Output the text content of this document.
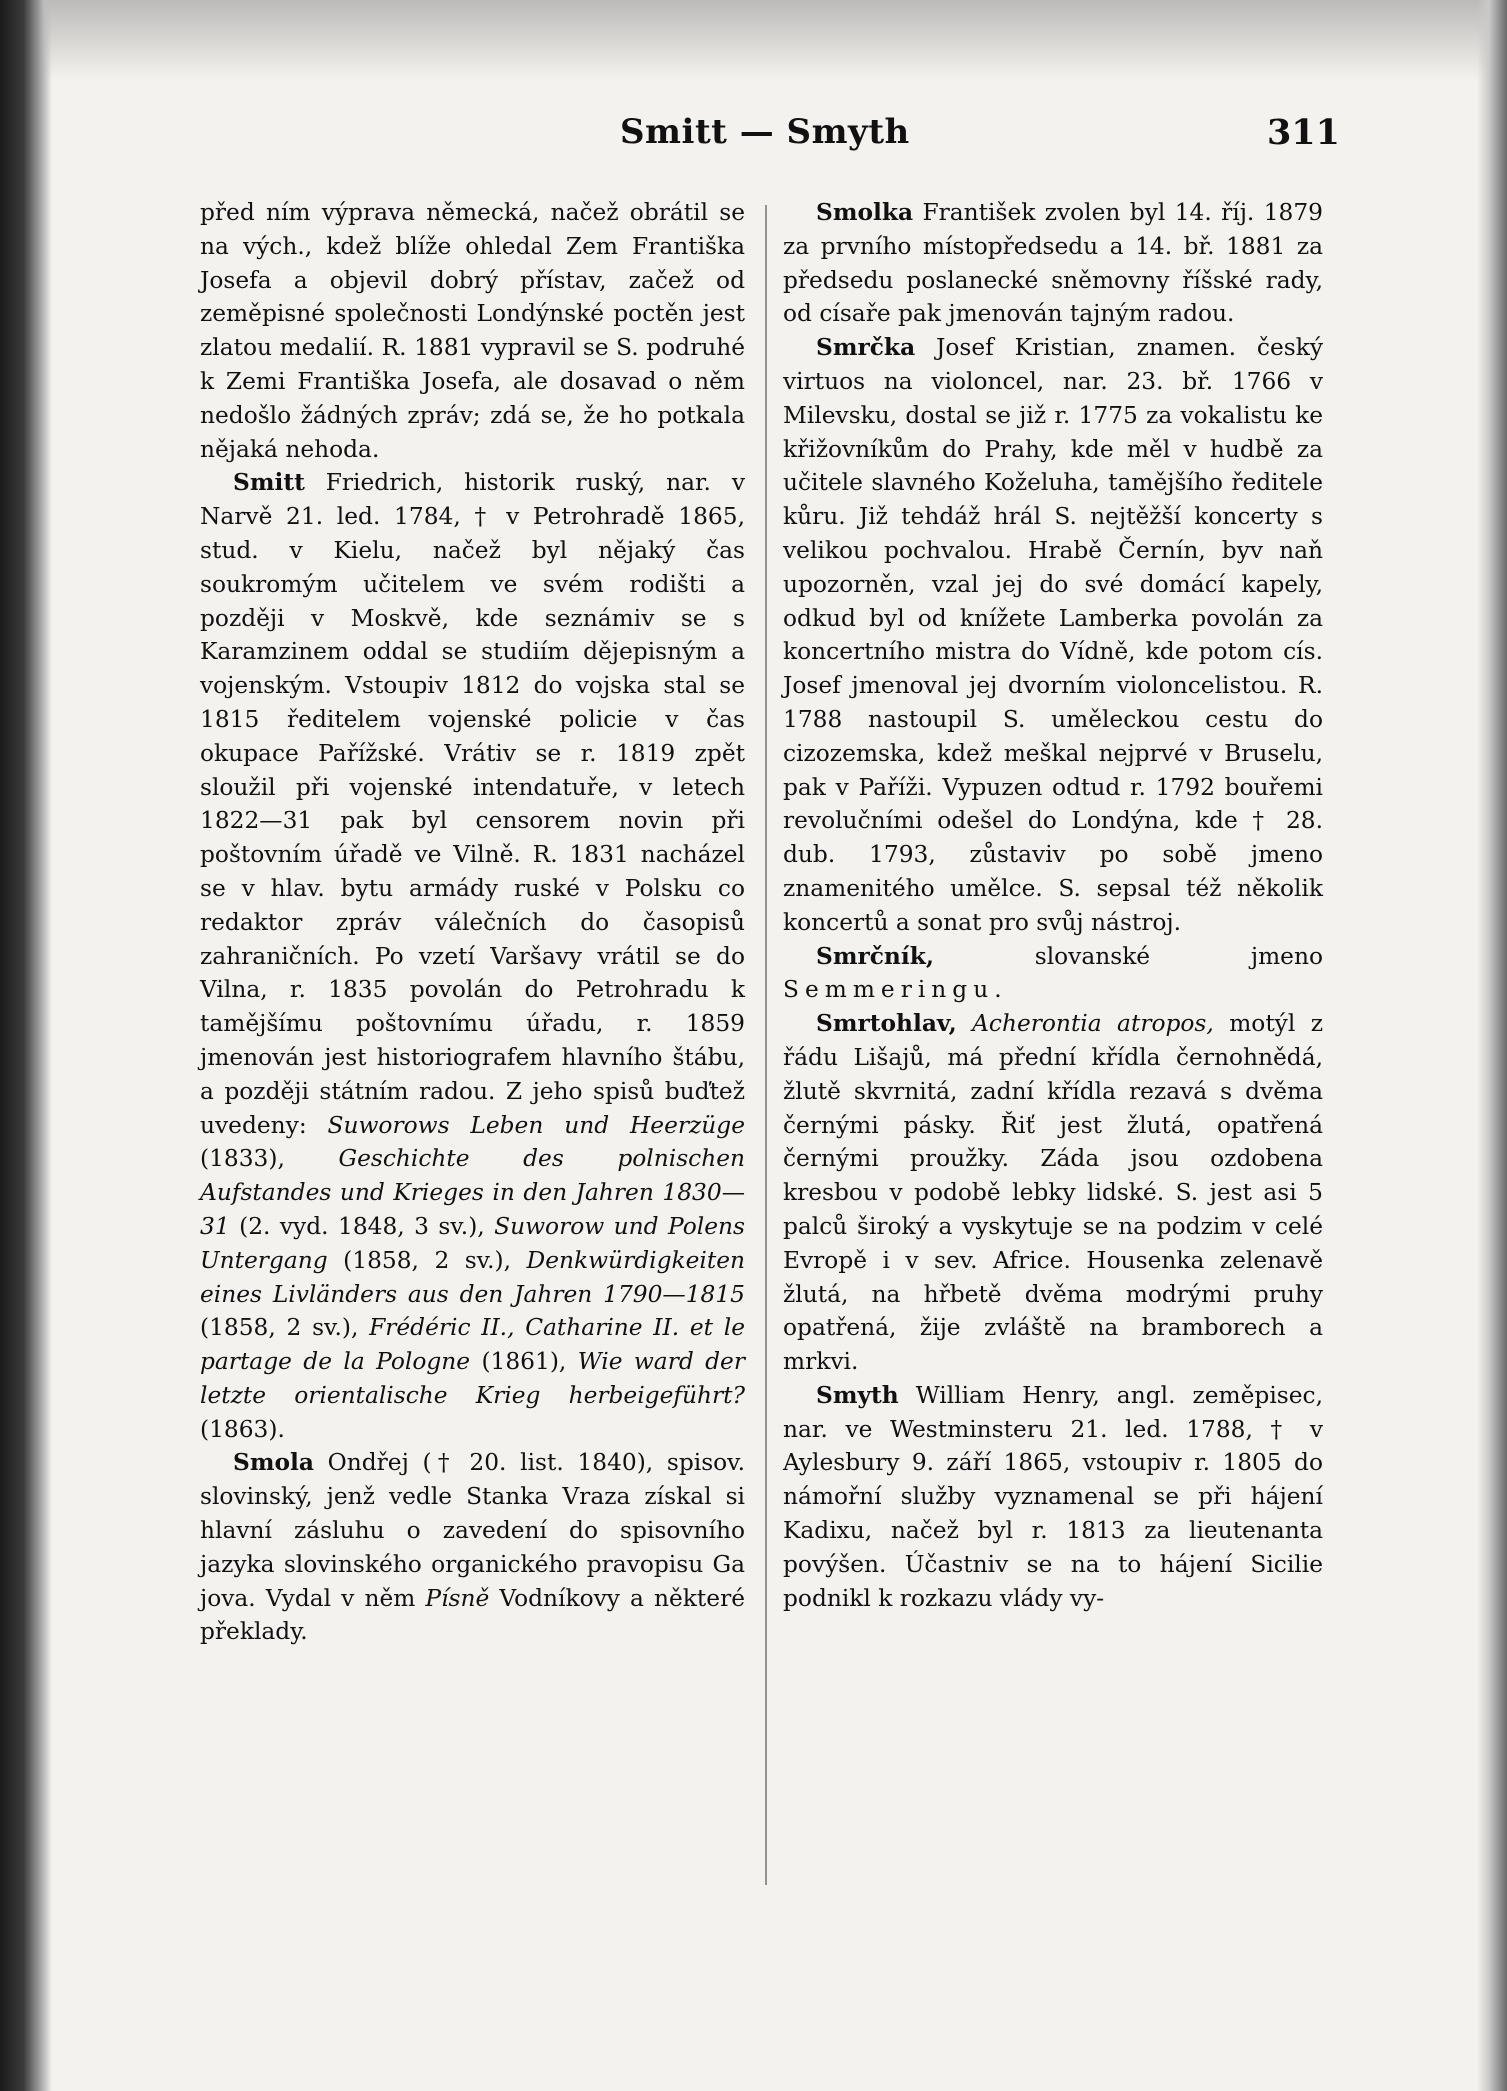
Smitt — Smyth	311

před ním výprava německá, načež obrátil se na vých., kdež blíže ohledal Zem Františka Josefa a objevil dobrý přístav, začež od zeměpisné společnosti Londýnské poctěn jest zlatou medalií. R. 1881 vypravil se S. podruhé k Zemi Františka Josefa, ale dosavad o něm nedošlo žádných zpráv; zdá se, že ho potkala nějaká nehoda.

Smitt Friedrich, historik ruský, nar. v Narvě 21. led. 1784, † v Petrohradě 1865, stud. v Kielu, načež byl nějaký čas soukromým učitelem ve svém rodišti a později v Moskvě, kde seznámiv se s Karamzinem oddal se studiím dějepisným a vojenským. Vstoupiv 1812 do vojska stal se 1815 ředitelem vojenské policie v čas okupace Pařížské. Vrátiv se r. 1819 zpět sloužil při vojenské intendatuře, v letech 1822—31 pak byl censorem novin při poštovním úřadě ve Vilně. R. 1831 nacházel se v hlav. bytu armády ruské v Polsku co redaktor zpráv válečních do časopisů zahraničních. Po vzetí Varšavy vrátil se do Vilna, r. 1835 povolán do Petrohradu k tamějšímu poštovnímu úřadu, r. 1859 jmenován jest historiografem hlavního štábu, a později státním radou. Z jeho spisů buďtež uvedeny: Suworows Leben und Heerzüge (1833), Geschichte des polnischen Aufstandes und Krieges in den Jahren 1830—31 (2. vyd. 1848, 3 sv.), Suworow und Polens Untergang (1858, 2 sv.), Denkwürdigkeiten eines Livländers aus den Jahren 1790—1815 (1858, 2 sv.), Frédéric II., Catharine II. et le partage de la Pologne (1861), Wie ward der letzte orientalische Krieg herbeigeführt? (1863).

Smola Ondřej († 20. list. 1840), spisov. slovinský, jenž vedle Stanka Vraza získal si hlavní zásluhu o zavedení do spisovního jazyka slovinského organického pravopisu Ga jova. Vydal v něm Písně Vodníkovy a některé překlady.

Smolka František zvolen byl 14. říj. 1879 za prvního místopředsedu a 14. bř. 1881 za předsedu poslanecké sněmovny říšské rady, od císaře pak jmenován tajným radou.

Smrčka Josef Kristian, znamen. český virtuos na violoncel, nar. 23. bř. 1766 v Milevsku, dostal se již r. 1775 za vokalistu ke křižovníkům do Prahy, kde měl v hudbě za učitele slavného Koželuha, tamějšího ředitele kůru. Již tehdáž hrál S. nejtěžší koncerty s velikou pochvalou. Hrabě Černín, byv naň upozorněn, vzal jej do své domácí kapely, odkud byl od knížete Lamberka povolán za koncertního mistra do Vídně, kde potom cís. Josef jmenoval jej dvorním violoncelistou. R. 1788 nastoupil S. uměleckou cestu do cizozemska, kdež meškal nejprvé v Bruselu, pak v Paříži. Vypuzen odtud r. 1792 bouřemi revolučními odešel do Londýna, kde † 28. dub. 1793, zůstaviv po sobě jmeno znamenitého umělce. S. sepsal též několik koncertů a sonat pro svůj nástroj.

Smrčník, slovanské jmeno Semmeringu.

Smrtohlav, Acherontia atropos, motýl z řádu Lišajů, má přední křídla černohnědá, žlutě skvrnitá, zadní křídla rezavá s dvěma černými pásky. Řiť jest žlutá, opatřená černými proužky. Záda jsou ozdobena kresbou v podobě lebky lidské. S. jest asi 5 palců široký a vyskytuje se na podzim v celé Evropě i v sev. Africe. Housenka zelenavě žlutá, na hřbetě dvěma modrými pruhy opatřená, žije zvláště na bramborech a mrkvi.

Smyth William Henry, angl. zeměpisec, nar. ve Westminsteru 21. led. 1788, † v Aylesbury 9. září 1865, vstoupiv r. 1805 do námořní služby vyznamenal se při hájení Kadixu, načež byl r. 1813 za lieutenanta povýšen. Účastniv se na to hájení Sicilie podnikl k rozkazu vlády vy-
